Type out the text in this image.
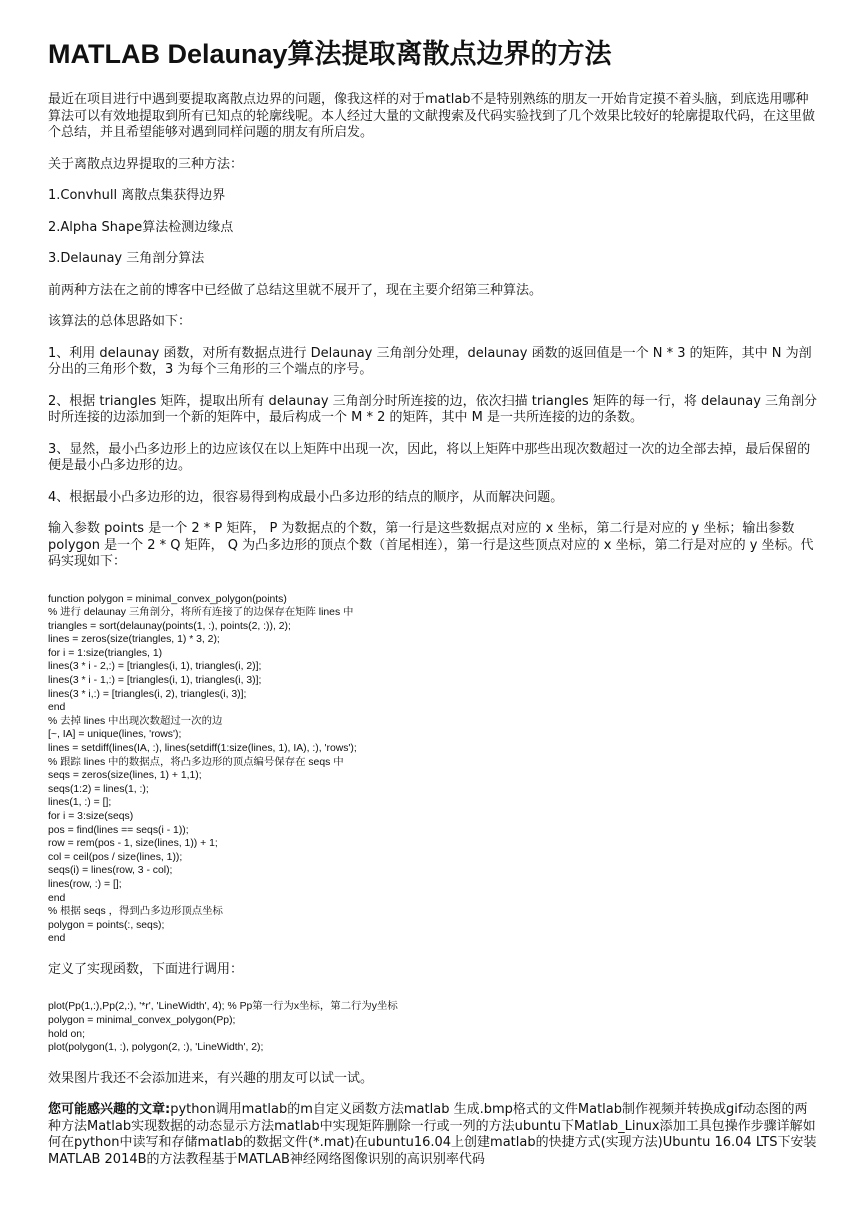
MATLAB Delaunay算法提取离散点边界的方法

最近在项目进行中遇到要提取离散点边界的问题，像我这样的对于matlab不是特别熟练的朋友一开始肯定摸不着头脑，到底选用哪种算法可以有效地提取到所有已知点的轮廓线呢。本人经过大量的文献搜索及代码实验找到了几个效果比较好的轮廓提取代码，在这里做个总结，并且希望能够对遇到同样问题的朋友有所启发。

关于离散点边界提取的三种方法：

1.Convhull 离散点集获得边界

2.Alpha Shape算法检测边缘点

3.Delaunay 三角剖分算法

前两种方法在之前的博客中已经做了总结这里就不展开了，现在主要介绍第三种算法。

该算法的总体思路如下：

1、利用 delaunay 函数，对所有数据点进行 Delaunay 三角剖分处理，delaunay 函数的返回值是一个 N * 3 的矩阵，其中 N 为剖分出的三角形个数，3 为每个三角形的三个端点的序号。

2、根据 triangles 矩阵，提取出所有 delaunay 三角剖分时所连接的边，依次扫描 triangles 矩阵的每一行，将 delaunay 三角剖分时所连接的边添加到一个新的矩阵中，最后构成一个 M * 2 的矩阵，其中 M 是一共所连接的边的条数。

3、显然，最小凸多边形上的边应该仅在以上矩阵中出现一次，因此，将以上矩阵中那些出现次数超过一次的边全部去掉，最后保留的便是最小凸多边形的边。

4、根据最小凸多边形的边，很容易得到构成最小凸多边形的结点的顺序，从而解决问题。

输入参数 points 是一个 2 * P 矩阵， P 为数据点的个数，第一行是这些数据点对应的 x 坐标，第二行是对应的 y 坐标；输出参数 polygon 是一个 2 * Q 矩阵， Q 为凸多边形的顶点个数（首尾相连），第一行是这些顶点对应的 x 坐标，第二行是对应的 y 坐标。代码实现如下：

function polygon = minimal_convex_polygon(points)
% 进行 delaunay 三角剖分，将所有连接了的边保存在矩阵 lines 中
triangles = sort(delaunay(points(1, :), points(2, :)), 2);
lines = zeros(size(triangles, 1) * 3, 2);
for i = 1:size(triangles, 1)
lines(3 * i - 2,:) = [triangles(i, 1), triangles(i, 2)];
lines(3 * i - 1,:) = [triangles(i, 1), triangles(i, 3)];
lines(3 * i,:) = [triangles(i, 2), triangles(i, 3)];
end
% 去掉 lines 中出现次数超过一次的边
[~, IA] = unique(lines, 'rows');
lines = setdiff(lines(IA, :), lines(setdiff(1:size(lines, 1), IA), :), 'rows');
% 跟踪 lines 中的数据点，将凸多边形的顶点编号保存在 seqs 中
seqs = zeros(size(lines, 1) + 1,1);
seqs(1:2) = lines(1, :);
lines(1, :) = [];
for i = 3:size(seqs)
pos = find(lines == seqs(i - 1));
row = rem(pos - 1, size(lines, 1)) + 1;
col = ceil(pos / size(lines, 1));
seqs(i) = lines(row, 3 - col);
lines(row, :) = [];
end
% 根据 seqs ，得到凸多边形顶点坐标
polygon = points(:, seqs);
end

定义了实现函数，下面进行调用：

plot(Pp(1,:),Pp(2,:), '*r', 'LineWidth', 4); % Pp第一行为x坐标，第二行为y坐标
polygon = minimal_convex_polygon(Pp);
hold on;
plot(polygon(1, :), polygon(2, :), 'LineWidth', 2);

效果图片我还不会添加进来，有兴趣的朋友可以试一试。

您可能感兴趣的文章:python调用matlab的m自定义函数方法matlab 生成.bmp格式的文件Matlab制作视频并转换成gif动态图的两种方法Matlab实现数据的动态显示方法matlab中实现矩阵删除一行或一列的方法ubuntu下Matlab_Linux添加工具包操作步骤详解如何在python中读写和存储matlab的数据文件(*.mat)在ubuntu16.04上创建matlab的快捷方式(实现方法)Ubuntu 16.04 LTS下安装MATLAB 2014B的方法教程基于MATLAB神经网络图像识别的高识别率代码
